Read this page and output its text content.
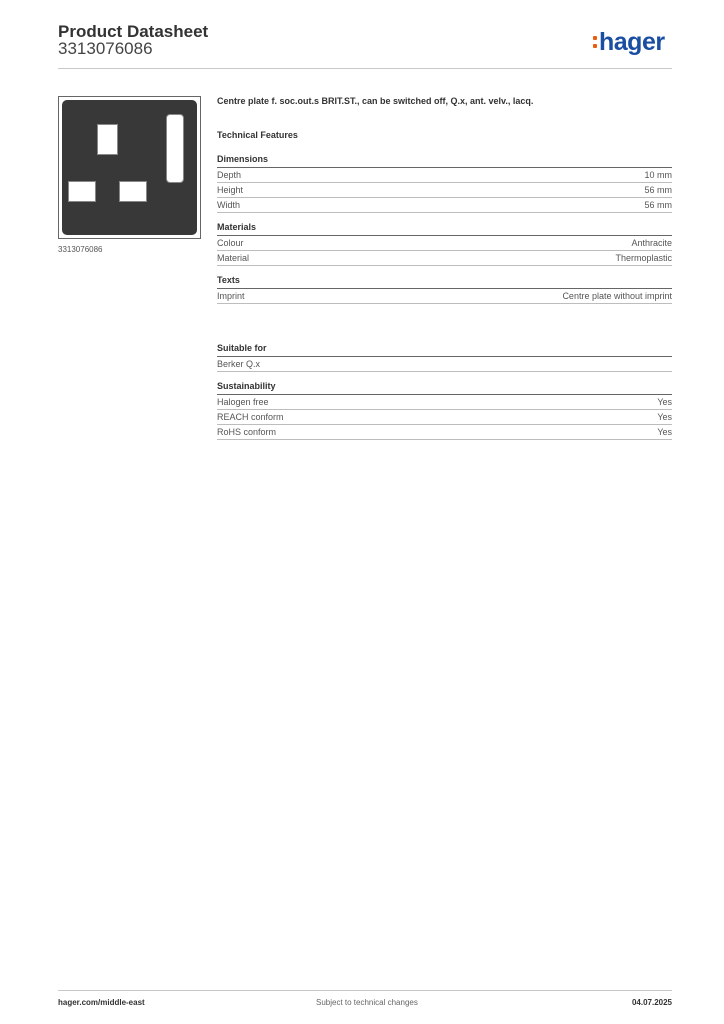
Product Datasheet
3313076086	hager
3313076086
Centre plate f. soc.out.s BRIT.ST., can be switched off, Q.x, ant. velv., lacq.
Technical Features
Dimensions
Depth	10 mm
Height	56 mm
Width	56 mm
Materials
Colour	Anthracite
Material	Thermoplastic
Texts
Imprint	Centre plate without imprint
Suitable for
Berker Q.x
Sustainability
Halogen free	Yes
REACH conform	Yes
RoHS conform	Yes
hager.com/middle-east	Subject to technical changes	04.07.2025
